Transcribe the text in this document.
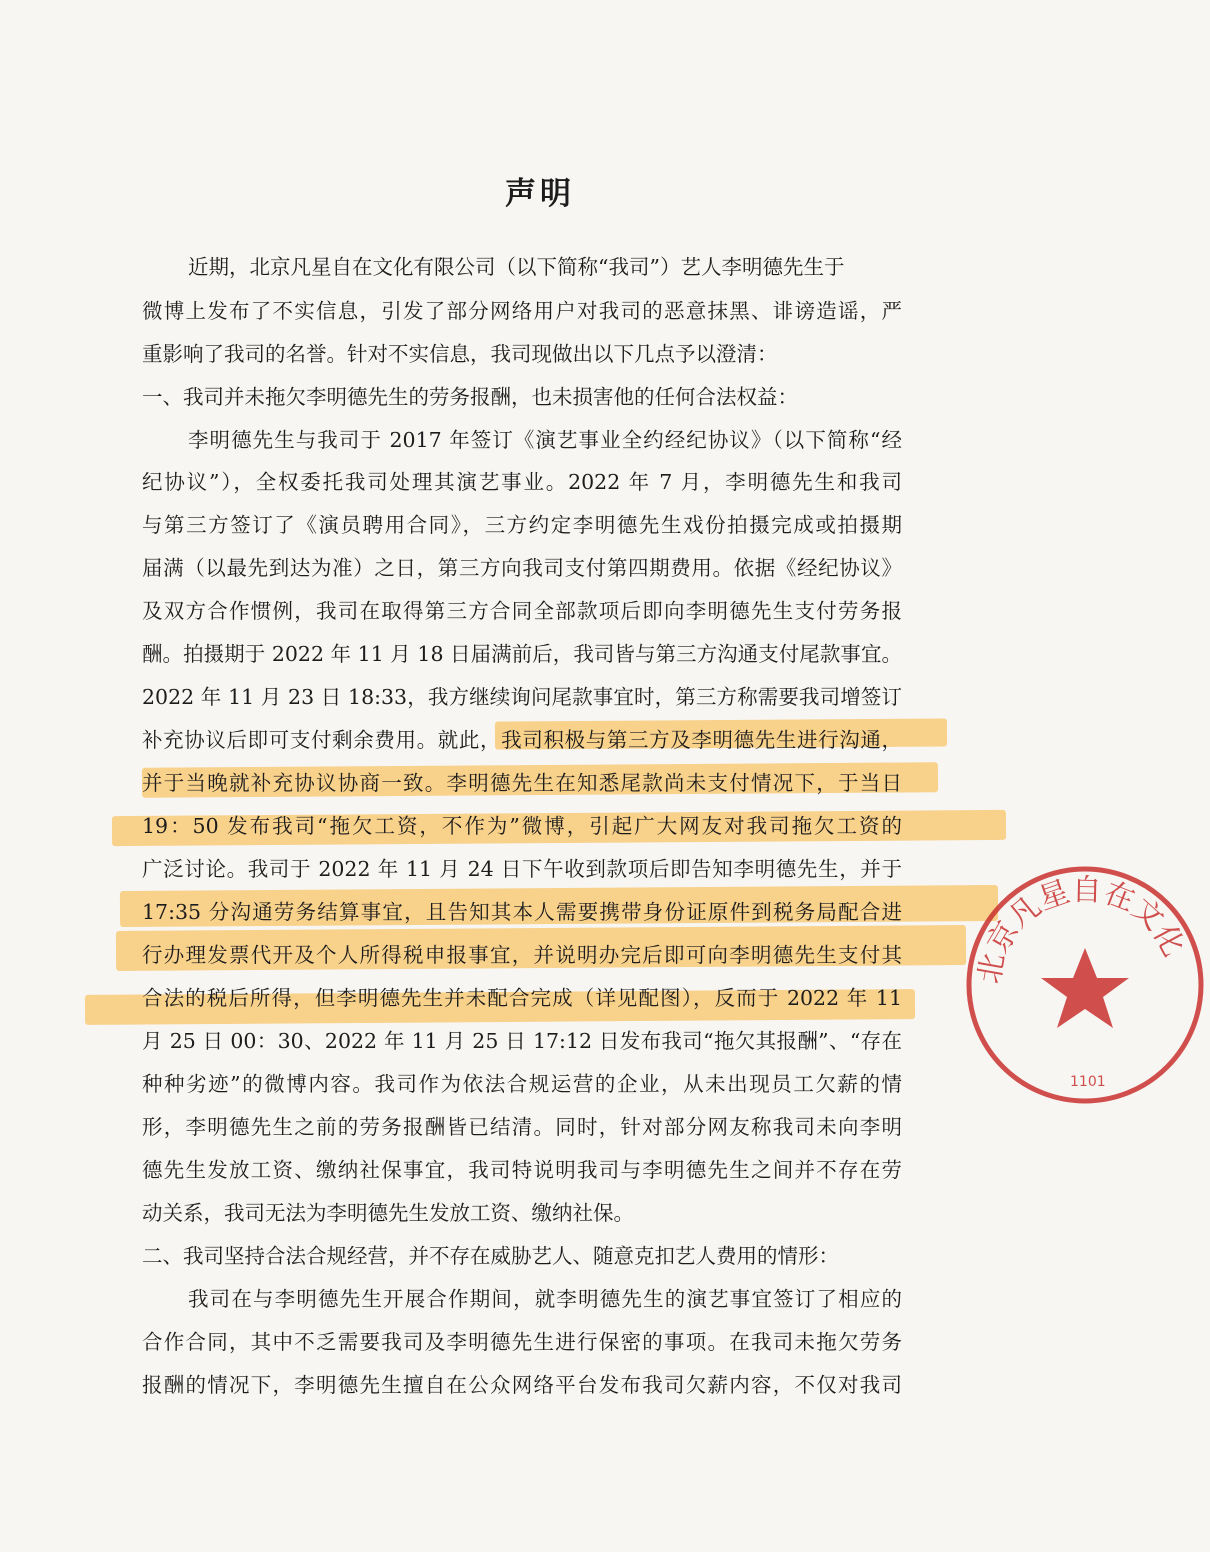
北京凡星自在文化
1101
声明
近期，北京凡星自在文化有限公司（以下简称“我司”）艺人李明德先生于
微博上发布了不实信息，引发了部分网络用户对我司的恶意抹黑、诽谤造谣，严
重影响了我司的名誉。针对不实信息，我司现做出以下几点予以澄清：
一、我司并未拖欠李明德先生的劳务报酬，也未损害他的任何合法权益：
李明德先生与我司于 2017 年签订《演艺事业全约经纪协议》（以下简称“经
纪协议”），全权委托我司处理其演艺事业。2022 年 7 月，李明德先生和我司
与第三方签订了《演员聘用合同》，三方约定李明德先生戏份拍摄完成或拍摄期
届满（以最先到达为准）之日，第三方向我司支付第四期费用。依据《经纪协议》
及双方合作惯例，我司在取得第三方合同全部款项后即向李明德先生支付劳务报
酬。拍摄期于 2022 年 11 月 18 日届满前后，我司皆与第三方沟通支付尾款事宜。
2022 年 11 月 23 日 18:33，我方继续询问尾款事宜时，第三方称需要我司增签订
补充协议后即可支付剩余费用。就此，我司积极与第三方及李明德先生进行沟通，
并于当晚就补充协议协商一致。李明德先生在知悉尾款尚未支付情况下，于当日
19：50 发布我司“拖欠工资，不作为”微博，引起广大网友对我司拖欠工资的
广泛讨论。我司于 2022 年 11 月 24 日下午收到款项后即告知李明德先生，并于
17:35 分沟通劳务结算事宜，且告知其本人需要携带身份证原件到税务局配合进
行办理发票代开及个人所得税申报事宜，并说明办完后即可向李明德先生支付其
合法的税后所得，但李明德先生并未配合完成（详见配图），反而于 2022 年 11
月 25 日 00：30、2022 年 11 月 25 日 17:12 日发布我司“拖欠其报酬”、“存在
种种劣迹”的微博内容。我司作为依法合规运营的企业，从未出现员工欠薪的情
形，李明德先生之前的劳务报酬皆已结清。同时，针对部分网友称我司未向李明
德先生发放工资、缴纳社保事宜，我司特说明我司与李明德先生之间并不存在劳
动关系，我司无法为李明德先生发放工资、缴纳社保。
二、我司坚持合法合规经营，并不存在威胁艺人、随意克扣艺人费用的情形：
我司在与李明德先生开展合作期间，就李明德先生的演艺事宜签订了相应的
合作合同，其中不乏需要我司及李明德先生进行保密的事项。在我司未拖欠劳务
报酬的情况下，李明德先生擅自在公众网络平台发布我司欠薪内容，不仅对我司
